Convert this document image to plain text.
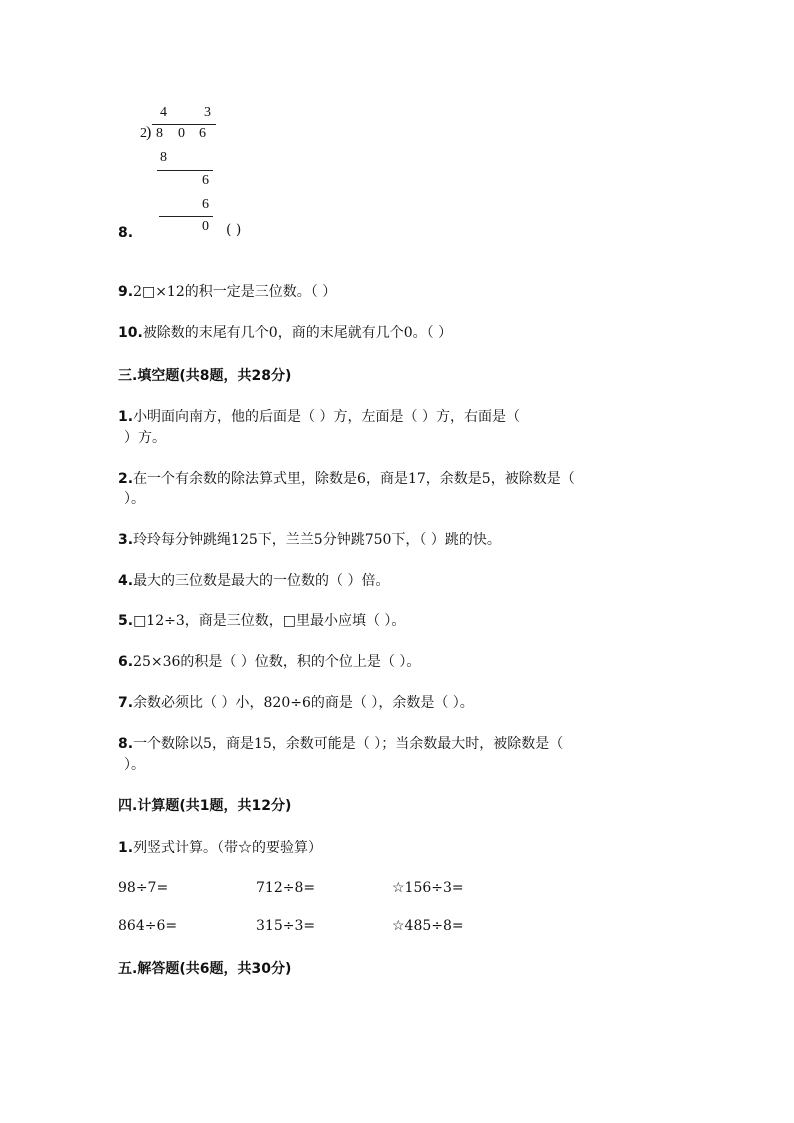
4	3
2 ) 8 0 6
8
6
6
0
8.	( )
9.2□×12的积一定是三位数。（ ）
10.被除数的末尾有几个0，商的末尾就有几个0。（ ）
三.填空题(共8题，共28分)
1.小明面向南方，他的后面是（ ）方，左面是（ ）方，右面是（
）方。
2.在一个有余数的除法算式里，除数是6，商是17，余数是5，被除数是（
）。
3.玲玲每分钟跳绳125下，兰兰5分钟跳750下，（ ）跳的快。
4.最大的三位数是最大的一位数的（ ）倍。
5.□12÷3，商是三位数，□里最小应填（ ）。
6.25×36的积是（ ）位数，积的个位上是（ ）。
7.余数必须比（ ）小，820÷6的商是（ ），余数是（ ）。
8.一个数除以5，商是15，余数可能是（ ）；当余数最大时，被除数是（
）。
四.计算题(共1题，共12分)
1.列竖式计算。（带☆的要验算）
98÷7=	712÷8=	☆156÷3=
864÷6=	315÷3=	☆485÷8=
五.解答题(共6题，共30分)
